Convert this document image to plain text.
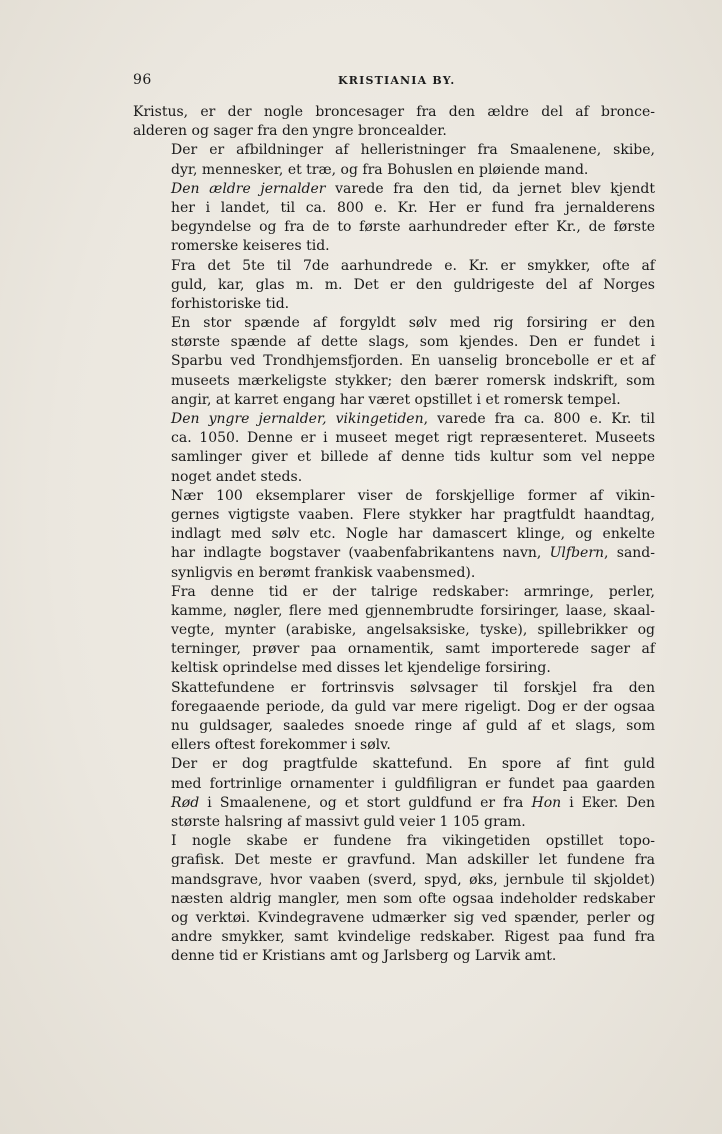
96	KRISTIANIA BY.
Kristus, er der nogle broncesager fra den ældre del af bronce-
alderen og sager fra den yngre broncealder.
Der er afbildninger af helleristninger fra Smaalenene, skibe,
dyr, mennesker, et træ, og fra Bohuslen en pløiende mand.
Den ældre jernalder varede fra den tid, da jernet blev kjendt
her i landet, til ca. 800 e. Kr. Her er fund fra jernalderens
begyndelse og fra de to første aarhundreder efter Kr., de første
romerske keiseres tid.
Fra det 5te til 7de aarhundrede e. Kr. er smykker, ofte af
guld, kar, glas m. m. Det er den guldrigeste del af Norges
forhistoriske tid.
En stor spænde af forgyldt sølv med rig forsiring er den
største spænde af dette slags, som kjendes. Den er fundet i
Sparbu ved Trondhjemsfjorden. En uanselig broncebolle er et af
museets mærkeligste stykker; den bærer romersk indskrift, som
angir, at karret engang har været opstillet i et romersk tempel.
Den yngre jernalder, vikingetiden, varede fra ca. 800 e. Kr. til
ca. 1050. Denne er i museet meget rigt repræsenteret. Museets
samlinger giver et billede af denne tids kultur som vel neppe
noget andet steds.
Nær 100 eksemplarer viser de forskjellige former af vikin-
gernes vigtigste vaaben. Flere stykker har pragtfuldt haandtag,
indlagt med sølv etc. Nogle har damascert klinge, og enkelte
har indlagte bogstaver (vaabenfabrikantens navn, Ulfbern, sand-
synligvis en berømt frankisk vaabensmed).
Fra denne tid er der talrige redskaber: armringe, perler,
kamme, nøgler, flere med gjennembrudte forsiringer, laase, skaal-
vegte, mynter (arabiske, angelsaksiske, tyske), spillebrikker og
terninger, prøver paa ornamentik, samt importerede sager af
keltisk oprindelse med disses let kjendelige forsiring.
Skattefundene er fortrinsvis sølvsager til forskjel fra den
foregaaende periode, da guld var mere rigeligt. Dog er der ogsaa
nu guldsager, saaledes snoede ringe af guld af et slags, som
ellers oftest forekommer i sølv.
Der er dog pragtfulde skattefund. En spore af fint guld
med fortrinlige ornamenter i guldfiligran er fundet paa gaarden
Rød i Smaalenene, og et stort guldfund er fra Hon i Eker. Den
største halsring af massivt guld veier 1 105 gram.
I nogle skabe er fundene fra vikingetiden opstillet topo-
grafisk. Det meste er gravfund. Man adskiller let fundene fra
mandsgrave, hvor vaaben (sverd, spyd, øks, jernbule til skjoldet)
næsten aldrig mangler, men som ofte ogsaa indeholder redskaber
og verktøi. Kvindegravene udmærker sig ved spænder, perler og
andre smykker, samt kvindelige redskaber. Rigest paa fund fra
denne tid er Kristians amt og Jarlsberg og Larvik amt.
